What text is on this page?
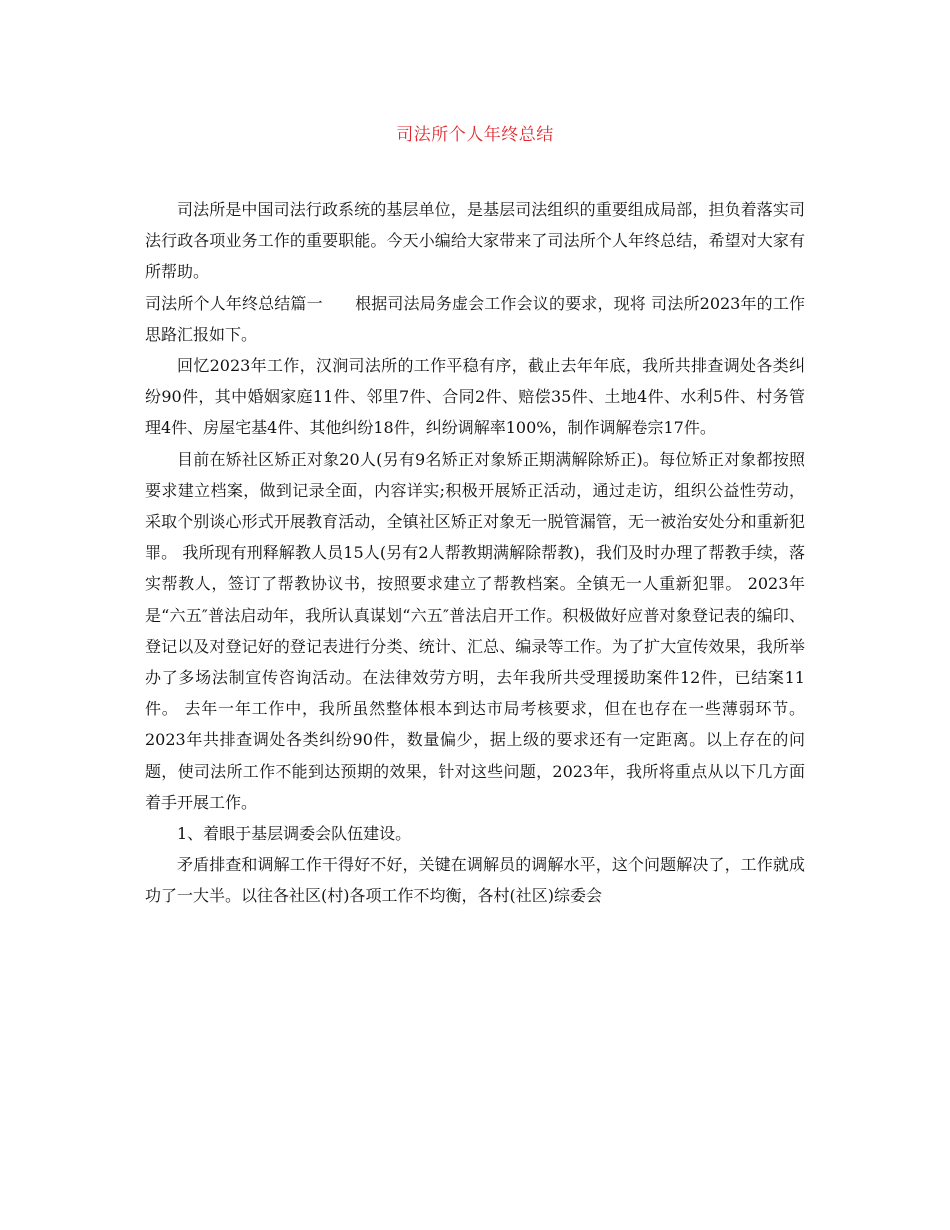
司法所个人年终总结

司法所是中国司法行政系统的基层单位，是基层司法组织的重要组成局部，担负着落实司法行政各项业务工作的重要职能。今天小编给大家带来了司法所个人年终总结，希望对大家有所帮助。

司法所个人年终总结篇一　　根据司法局务虚会工作会议的要求，现将 司法所2023年的工作思路汇报如下。

回忆2023年工作，汉涧司法所的工作平稳有序，截止去年年底，我所共排查调处各类纠纷90件，其中婚姻家庭11件、邻里7件、合同2件、赔偿35件、土地4件、水利5件、村务管理4件、房屋宅基4件、其他纠纷18件，纠纷调解率100%，制作调解卷宗17件。

目前在矫社区矫正对象20人(另有9名矫正对象矫正期满解除矫正)。每位矫正对象都按照要求建立档案，做到记录全面，内容详实;积极开展矫正活动，通过走访，组织公益性劳动，采取个别谈心形式开展教育活动，全镇社区矫正对象无一脱管漏管，无一被治安处分和重新犯罪。 我所现有刑释解教人员15人(另有2人帮教期满解除帮教)，我们及时办理了帮教手续，落实帮教人，签订了帮教协议书，按照要求建立了帮教档案。全镇无一人重新犯罪。 2023年是“六五″普法启动年，我所认真谋划“六五″普法启开工作。积极做好应普对象登记表的编印、登记以及对登记好的登记表进行分类、统计、汇总、编录等工作。为了扩大宣传效果，我所举办了多场法制宣传咨询活动。在法律效劳方明，去年我所共受理援助案件12件，已结案11件。 去年一年工作中，我所虽然整体根本到达市局考核要求，但在也存在一些薄弱环节。2023年共排查调处各类纠纷90件，数量偏少，据上级的要求还有一定距离。以上存在的问题，使司法所工作不能到达预期的效果，针对这些问题，2023年，我所将重点从以下几方面着手开展工作。

1、着眼于基层调委会队伍建设。

矛盾排查和调解工作干得好不好，关键在调解员的调解水平，这个问题解决了，工作就成功了一大半。以往各社区(村)各项工作不均衡，各村(社区)综委会
